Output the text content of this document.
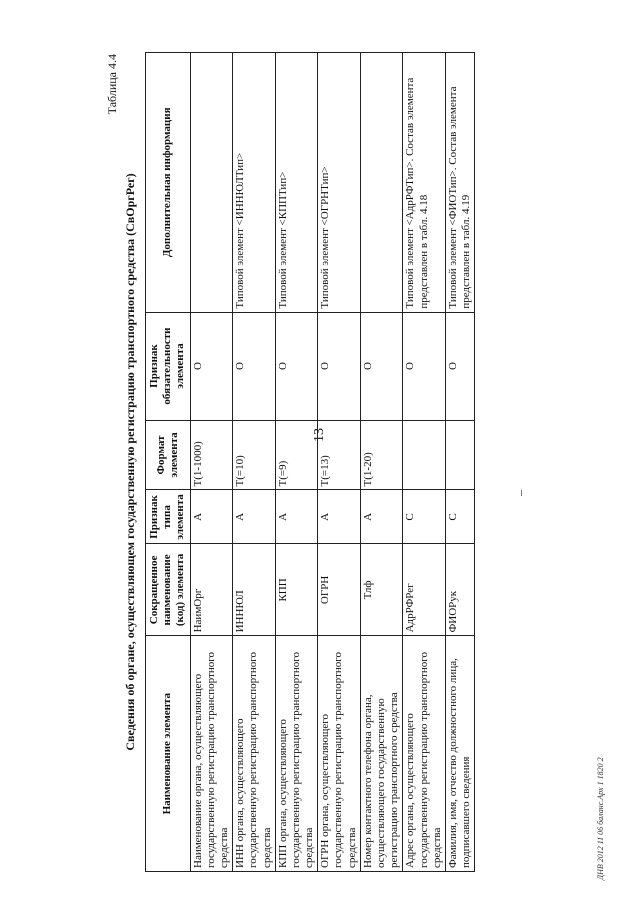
13
Таблица 4.4
Сведения об органе, осуществляющем государственную регистрацию транспортного средства (СвОргРег)
Наименование элемента	Сокращенное наименование (код) элемента	Признак типа элемента	Формат элемента	Признак обязательности элемента	Дополнительная информация
Наименование органа, осуществляющего государственную регистрацию транспортного средства	НаимОрг	А	T(1-1000)	О	
ИНН органа, осуществляющего государственную регистрацию транспортного средства	ИННЮЛ	А	T(=10)	О	Типовой элемент <ИННЮЛТип>
КПП органа, осуществляющего государственную регистрацию транспортного средства	КПП	А	T(=9)	О	Типовой элемент <КППТип>
ОГРН органа, осуществляющего государственную регистрацию транспортного средства	ОГРН	А	T(=13)	О	Типовой элемент <ОГРНТип>
Номер контактного телефона органа, осуществляющего государственную регистрацию транспортного средства	Тлф	А	T(1-20)	О	
Адрес органа, осуществляющего государственную регистрацию транспортного средства	АдрРФРег	С		О	Типовой элемент <АдрРФТип>. Состав элемента представлен в табл. 4.18
Фамилия, имя, отчество должностного лица, подписавшего сведения	ФИОРук	С		О	Типовой элемент <ФИОТип>. Состав элемента представлен в табл. 4.19
ДНВ 2012 11 06 баланс.Арх 1 1820 2
